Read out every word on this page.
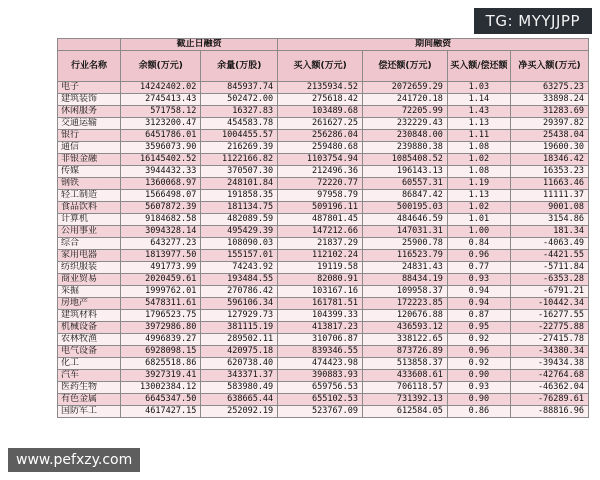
	截止日融资		期间融资			
行业名称	余额(万元)	余量(万股)	买入额(万元)	偿还额(万元)	买入额/偿还额	净买入额(万元)
电子	14242402.02	845937.74	2135934.52	2072659.29	1.03	63275.23
建筑装饰	2745413.43	502472.00	275618.42	241720.18	1.14	33898.24
休闲服务	571758.12	16327.83	103489.68	72205.99	1.43	31283.69
交通运输	3123200.47	454583.78	261627.25	232229.43	1.13	29397.82
银行	6451786.01	1004455.57	256286.04	230848.00	1.11	25438.04
通信	3596073.90	216269.39	259480.68	239880.38	1.08	19600.30
非银金融	16145402.52	1122166.82	1103754.94	1085408.52	1.02	18346.42
传媒	3944432.33	370507.30	212496.36	196143.13	1.08	16353.23
钢铁	1360068.97	248101.84	72220.77	60557.31	1.19	11663.46
轻工制造	1566498.07	191858.35	97958.79	86847.42	1.13	11111.37
食品饮料	5607872.39	181134.75	509196.11	500195.03	1.02	9001.08
计算机	9184682.58	482089.59	487801.45	484646.59	1.01	3154.86
公用事业	3094328.14	495429.39	147212.66	147031.31	1.00	181.34
综合	643277.23	108090.03	21837.29	25900.78	0.84	-4063.49
家用电器	1813977.50	155157.01	112102.24	116523.79	0.96	-4421.55
纺织服装	491773.99	74243.92	19119.58	24831.43	0.77	-5711.84
商业贸易	2020459.61	193484.55	82080.91	88434.19	0.93	-6353.28
采掘	1999762.01	270786.42	103167.16	109958.37	0.94	-6791.21
房地产	5478311.61	596106.34	161781.51	172223.85	0.94	-10442.34
建筑材料	1796523.75	127929.73	104399.33	120676.88	0.87	-16277.55
机械设备	3972986.80	381115.19	413817.23	436593.12	0.95	-22775.88
农林牧渔	4996839.27	289502.11	310706.87	338122.65	0.92	-27415.78
电气设备	6928098.15	420975.18	839346.55	873726.89	0.96	-34380.34
化工	6825518.86	620738.40	474423.98	513858.37	0.92	-39434.38
汽车	3927319.41	343371.37	390883.93	433608.61	0.90	-42764.68
医药生物	13002384.12	583980.49	659756.53	706118.57	0.93	-46362.04
有色金属	6645347.50	638665.44	655102.53	731392.13	0.90	-76289.61
国防军工	4617427.15	252092.19	523767.09	612584.05	0.86	-88816.96
TG: MYYJJPP
www.pefxzy.com
